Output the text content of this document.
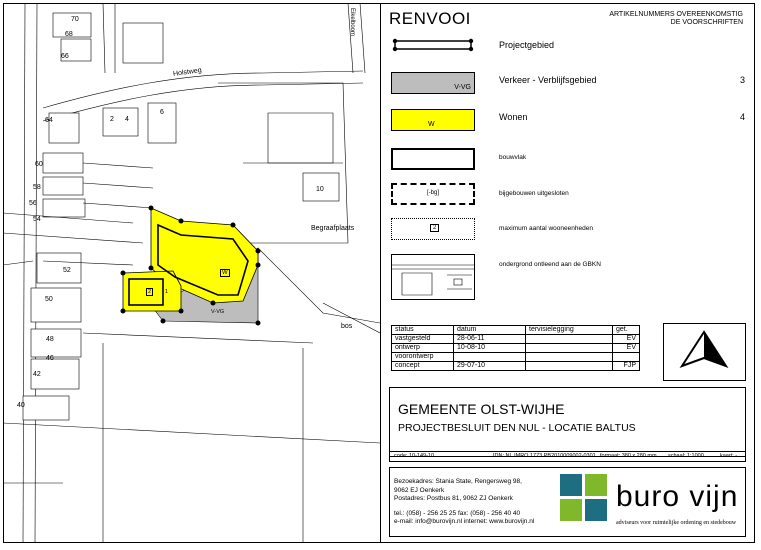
70
68
66
64
60
58
56
54
52
50
48
46
42
40
2 4
6
10
Holstweg
Begraafplaats
bos
Eikelboom
W
V-VG
2	1
RENVOOI	ARTIKELNUMMERS OVEREENKOMSTIG
DE VOORSCHRIFTEN
Projectgebied
V-VG
Verkeer - Verblijfsgebied	3
W
Wonen	4
bouwvlak
[-bg]	bijgebouwen uitgesloten
2	maximum aantal wooneenheden
ondergrond ontleend aan de GBKN
status	datum	tervisielegging	get.
vastgesteld	28-06-11		EV
ontwerp	10-08-10		EV
voorontwerp			
concept	29-07-10		FJP
GEMEENTE OLST-WIJHE
PROJECTBESLUIT DEN NUL - LOCATIE BALTUS
code: 10-149-10	IDN: NL.IMRO.1773.PB2010009002-0301 formaat: 380 x 280 mm schaal: 1:1000	kaart: -
Bezoekadres: Stania State, Rengersweg 98,
9062 EJ Oenkerk
Postadres: Postbus 81, 9062 ZJ Oenkerk
tel.: (058) - 256 25 25 fax: (058) - 256 40 40
e-mail: info@burovijn.nl internet: www.burovijn.nl
buro vijn
adviseurs voor ruimtelijke ordening en stedebouw
